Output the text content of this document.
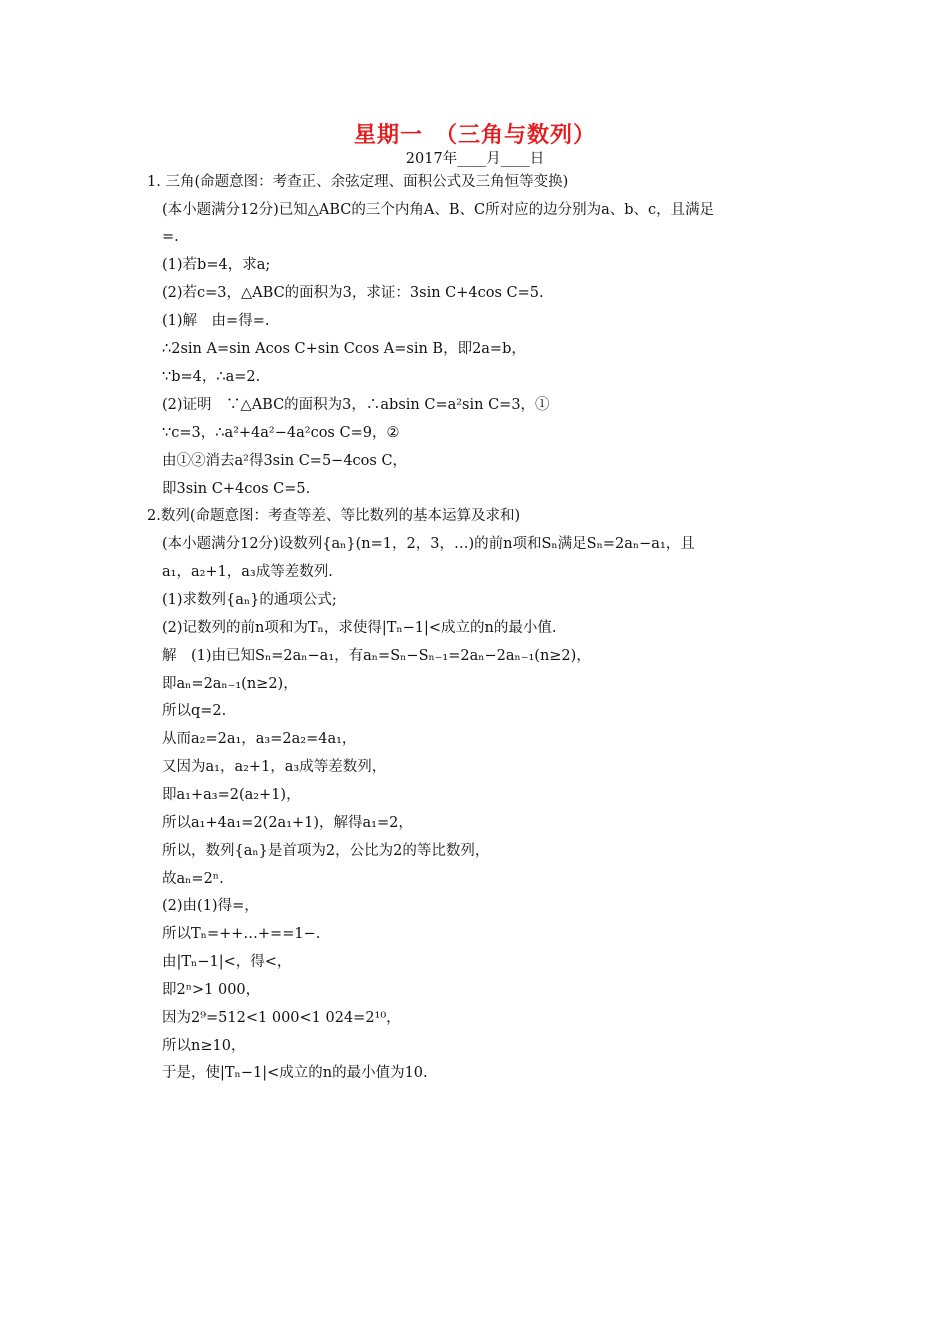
星期一　（三角与数列）
2017年____月____日
1. 三角(命题意图：考查正、余弦定理、面积公式及三角恒等变换)
(本小题满分12分)已知△ABC的三个内角A、B、C所对应的边分别为a、b、c，且满足
=.
(1)若b=4，求a;
(2)若c=3，△ABC的面积为3，求证：3sin C+4cos C=5.
(1)解　由=得=.
∴2sin A=sin Acos C+sin Ccos A=sin B，即2a=b，
∵b=4，∴a=2.
(2)证明　∵△ABC的面积为3，∴absin C=a²sin C=3，①
∵c=3，∴a²+4a²−4a²cos C=9，②
由①②消去a²得3sin C=5−4cos C，
即3sin C+4cos C=5.
2.数列(命题意图：考查等差、等比数列的基本运算及求和)
(本小题满分12分)设数列{aₙ}(n=1，2，3，…)的前n项和Sₙ满足Sₙ=2aₙ−a₁，且
a₁，a₂+1，a₃成等差数列.
(1)求数列{aₙ}的通项公式;
(2)记数列的前n项和为Tₙ，求使得|Tₙ−1|<成立的n的最小值.
解　(1)由已知Sₙ=2aₙ−a₁，有aₙ=Sₙ−Sₙ₋₁=2aₙ−2aₙ₋₁(n≥2)，
即aₙ=2aₙ₋₁(n≥2)，
所以q=2.
从而a₂=2a₁，a₃=2a₂=4a₁，
又因为a₁，a₂+1，a₃成等差数列，
即a₁+a₃=2(a₂+1)，
所以a₁+4a₁=2(2a₁+1)，解得a₁=2，
所以，数列{aₙ}是首项为2，公比为2的等比数列，
故aₙ=2ⁿ.
(2)由(1)得=，
所以Tₙ=++…+==1−.
由|Tₙ−1|<，得<，
即2ⁿ>1 000，
因为2⁹=512<1 000<1 024=2¹⁰，
所以n≥10，
于是，使|Tₙ−1|<成立的n的最小值为10.
